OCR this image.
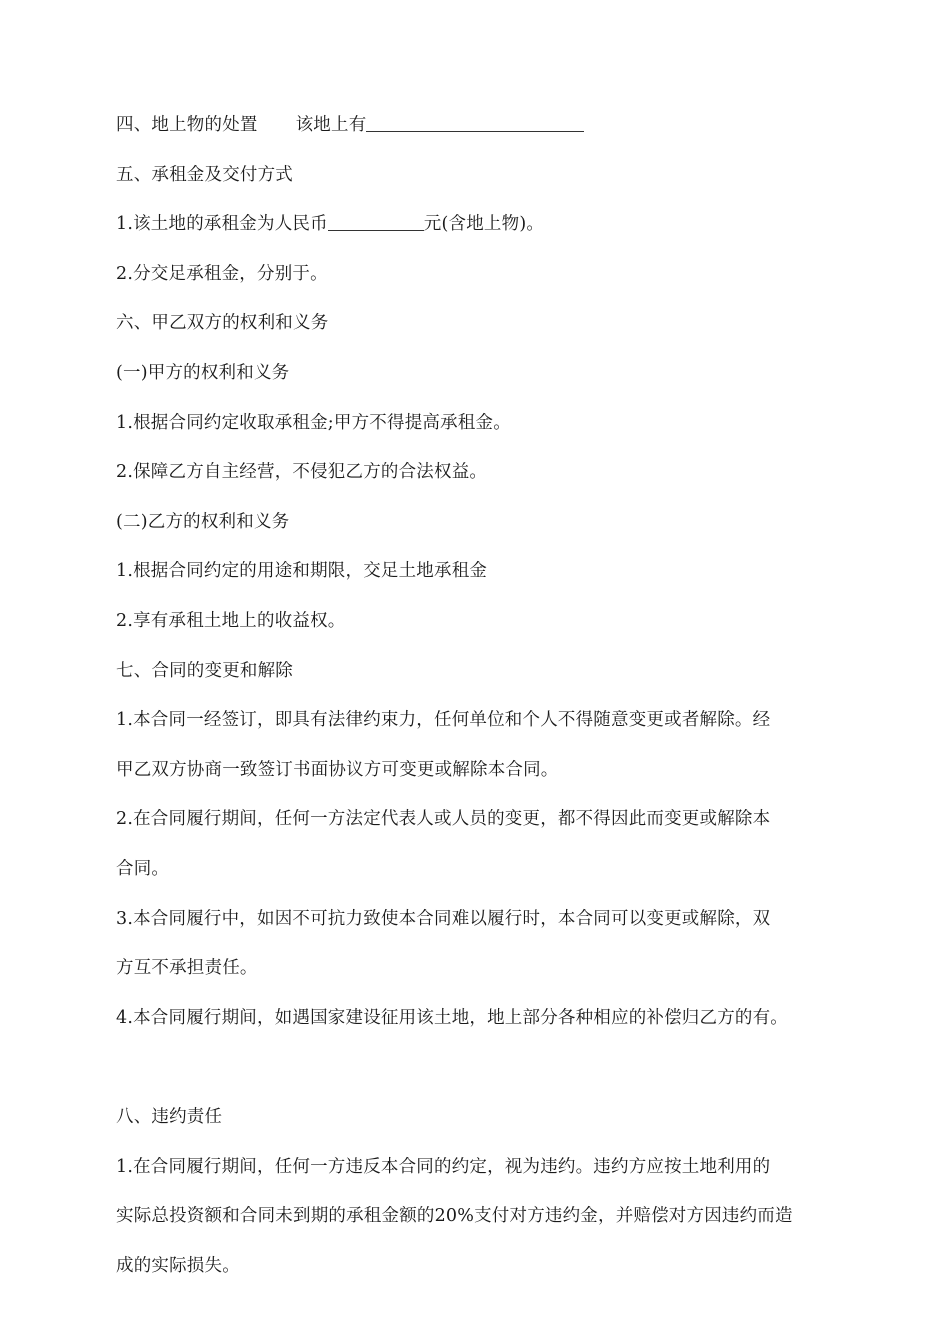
四、地上物的处置 该地上有
五、承租金及交付方式
1.该土地的承租金为人民币	元(含地上物)。
2.分交足承租金，分别于。
六、甲乙双方的权利和义务
(一)甲方的权利和义务
1.根据合同约定收取承租金;甲方不得提高承租金。
2.保障乙方自主经营，不侵犯乙方的合法权益。
(二)乙方的权利和义务
1.根据合同约定的用途和期限，交足土地承租金
2.享有承租土地上的收益权。
七、合同的变更和解除
1.本合同一经签订，即具有法律约束力，任何单位和个人不得随意变更或者解除。经
甲乙双方协商一致签订书面协议方可变更或解除本合同。
2.在合同履行期间，任何一方法定代表人或人员的变更，都不得因此而变更或解除本
合同。
3.本合同履行中，如因不可抗力致使本合同难以履行时，本合同可以变更或解除，双
方互不承担责任。
4.本合同履行期间，如遇国家建设征用该土地，地上部分各种相应的补偿归乙方的有。
八、违约责任
1.在合同履行期间，任何一方违反本合同的约定，视为违约。违约方应按土地利用的
实际总投资额和合同未到期的承租金额的20%支付对方违约金，并赔偿对方因违约而造
成的实际损失。
